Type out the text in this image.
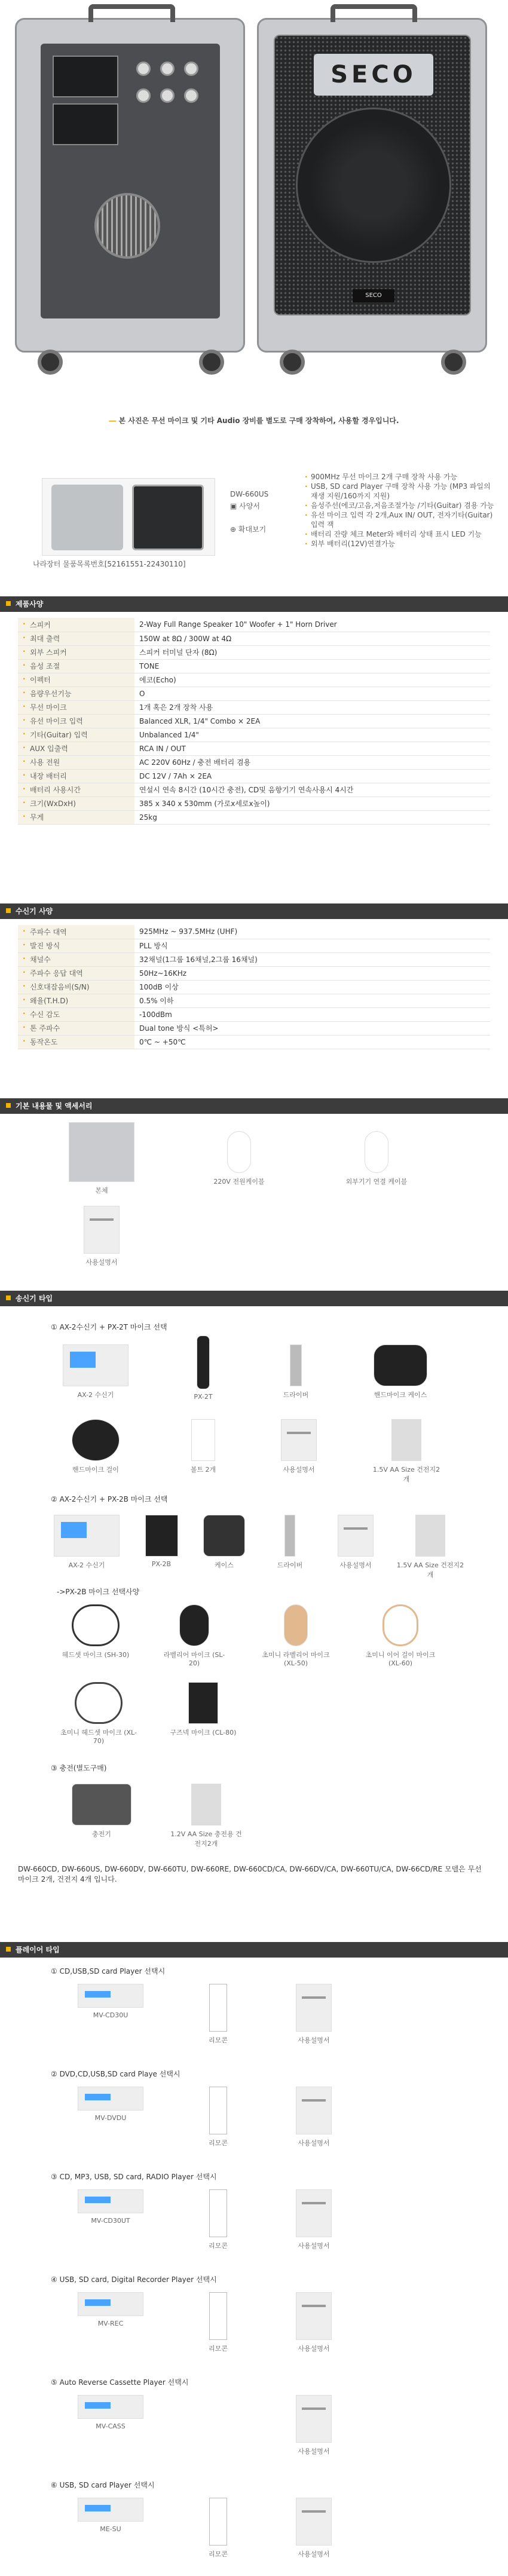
SECO
SECO
― 본 사진은 무선 마이크 및 기타 Audio 장비를 별도로 구매 장착하여, 사용할 경우입니다.
나라장터 물품목록번호[52161551-22430110]
DW-660US
▣ 사양서
⊕ 확대보기
· 900MHz 무선 마이크 2개 구매 장착 사용 가능
· USB, SD card Player 구매 장착 사용 가능 (MP3 파일의 재생 지원/160까지 지원)
· 음성주선(에코/고음,저음조절가능 /기타(Guitar) 겸용 가능
· 유선 마이크 입력 각 2개,Aux IN/ OUT, 전자기타(Guitar)입력 잭
· 배터리 잔량 체크 Meter와 배터리 상태 표시 LED 기능
· 외부 배터리(12V)연결가능
제품사양
· 스피커	2-Way Full Range Speaker 10" Woofer + 1" Horn Driver
· 최대 출력	150W at 8Ω / 300W at 4Ω
· 외부 스피커	스피커 터미널 단자 (8Ω)
· 음성 조절	TONE
· 이펙터	에코(Echo)
· 음량우선기능	O
· 무선 마이크	1개 혹은 2개 장착 사용
· 유선 마이크 입력	Balanced XLR, 1/4" Combo × 2EA
· 기타(Guitar) 입력	Unbalanced 1/4"
· AUX 입출력	RCA IN / OUT
· 사용 전원	AC 220V 60Hz / 충전 배터리 겸용
· 내장 배터리	DC 12V / 7Ah × 2EA
· 배터리 사용시간	연설시 연속 8시간 (10시간 충전), CD및 음향기기 연속사용시 4시간
· 크기(WxDxH)	385 x 340 x 530mm (가로x세로x높이)
· 무게	25kg
수신기 사양
· 주파수 대역	925MHz ~ 937.5MHz (UHF)
· 발진 방식	PLL 방식
· 채널수	32채널(1그룹 16채널,2그룹 16채널)
· 주파수 응답 대역	50Hz~16KHz
· 신호대잡음비(S/N)	100dB 이상
· 왜율(T.H.D)	0.5% 이하
· 수신 감도	-100dBm
· 톤 주파수	Dual tone 방식 <특허>
· 동작온도	0℃ ~ +50℃
기본 내용물 및 액세서리
본체
220V 전원케이블	외부기기 연결 케이블
사용설명서
송신기 타입
① AX-2수신기 + PX-2T 마이크 선택
AX-2 수신기	PX-2T	드라이버	핸드마이크 케이스
핸드마이크 걸이	볼트 2개	사용설명서	1.5V AA Size 건전지2개
② AX-2수신기 + PX-2B 마이크 선택
AX-2 수신기	PX-2B	케이스	드라이버	사용설명서	1.5V AA Size 건전지2개
->PX-2B 마이크 선택사양
헤드셋 마이크 (SH-30)	라벨리어 마이크 (SL-20)
초미니 라벨리어 마이크 (XL-50)
초미니 이어 걸이 마이크 (XL-60)
초미니 헤드셋 마이크 (XL-70)
구즈넥 마이크 (CL-80)
③ 충전(별도구매)
충전기	1.2V AA Size 충전용 건전지2개
DW-660CD, DW-660US, DW-660DV, DW-660TU, DW-660RE, DW-660CD/CA, DW-66DV/CA, DW-660TU/CA, DW-66CD/RE 모델은 무선 마이크 2개, 건전지 4개 입니다.
플레이어 타입
① CD,USB,SD card Player 선택시
MV-CD30U
리모콘	사용설명서
② DVD,CD,USB,SD card Playe 선택시
MV-DVDU
리모콘	사용설명서
③ CD, MP3, USB, SD card, RADIO Player 선택시
MV-CD30UT
리모콘	사용설명서
④ USB, SD card, Digital Recorder Player 선택시
MV-REC
리모콘	사용설명서
⑤ Auto Reverse Cassette Player 선택시
MV-CASS
사용설명서
⑥ USB, SD card Player 선택시
ME-SU
리모콘	사용설명서
